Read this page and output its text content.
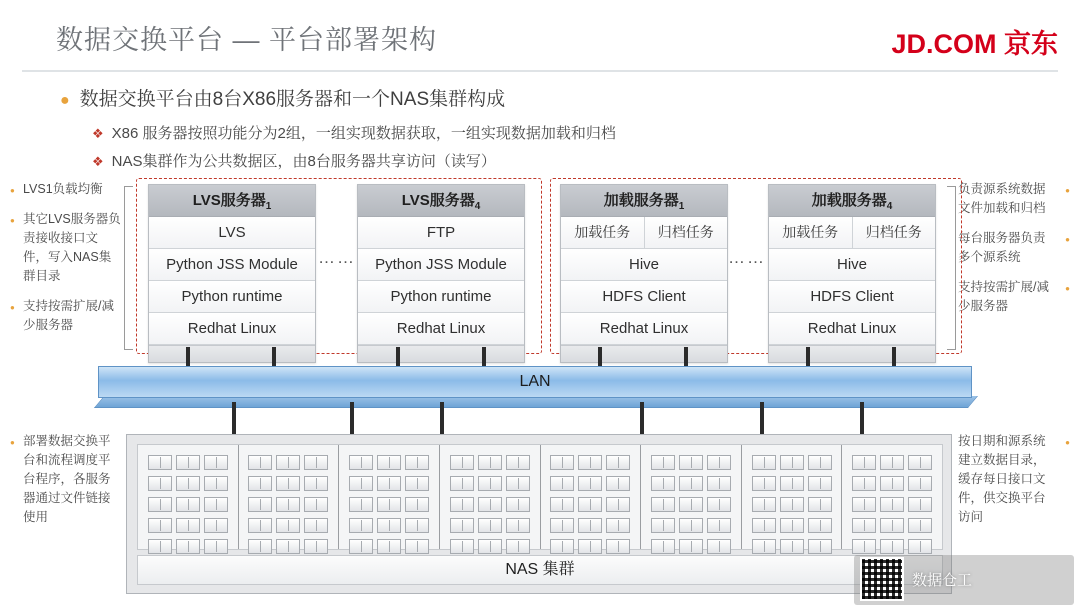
数据交换平台 — 平台部署架构	JD.COM 京东
● 数据交换平台由8台X86服务器和一个NAS集群构成
❖ X86 服务器按照功能分为2组，一组实现数据获取，一组实现数据加载和归档
❖ NAS集群作为公共数据区，由8台服务器共享访问（读写）
● LVS1负载均衡
● 其它LVS服务器负责接收接口文件，写入NAS集群目录
● 支持按需扩展/减少服务器
● 负责源系统数据文件加载和归档
● 每台服务器负责多个源系统
● 支持按需扩展/减少服务器
● 部署数据交换平台和流程调度平台程序，各服务器通过文件链接使用
● 按日期和源系统建立数据目录，缓存每日接口文件，供交换平台访问
LVS服务器$_1$
LVS
Python JSS Module
Python runtime
Redhat Linux
LVS服务器$_4$
FTP
Python JSS Module
Python runtime
Redhat Linux
……
加载服务器$_1$
加载任务	归档任务
Hive
HDFS Client
Redhat Linux
加载服务器$_4$
加载任务	归档任务
Hive
HDFS Client
Redhat Linux
……
LAN
NAS 集群
数据仓工
